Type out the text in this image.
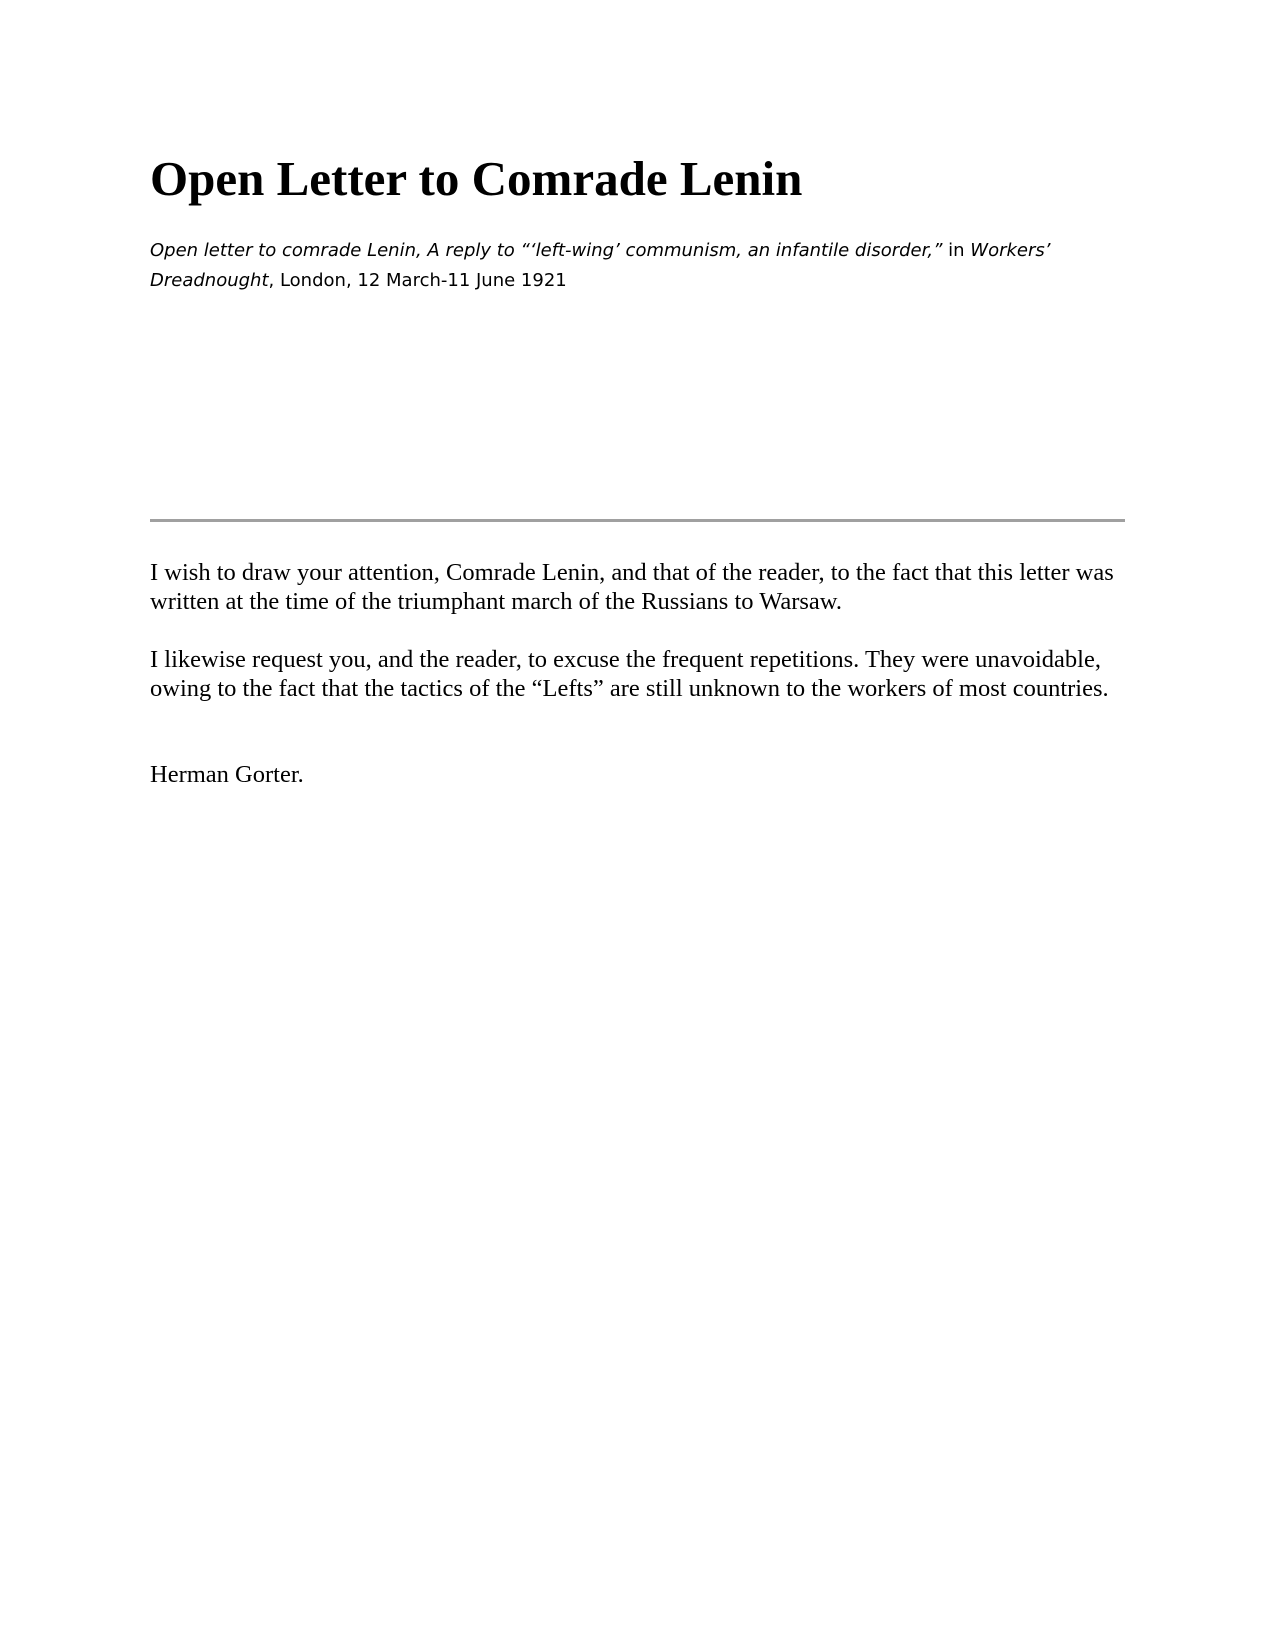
Open Letter to Comrade Lenin

Open letter to comrade Lenin, A reply to “‘left-wing’ communism, an infantile disorder,” in Workers’ Dreadnought, London, 12 March-11 June 1921

I wish to draw your attention, Comrade Lenin, and that of the reader, to the fact that this letter was written at the time of the triumphant march of the Russians to Warsaw.

I likewise request you, and the reader, to excuse the frequent repetitions. They were unavoidable, owing to the fact that the tactics of the “Lefts” are still unknown to the workers of most countries.

Herman Gorter.
